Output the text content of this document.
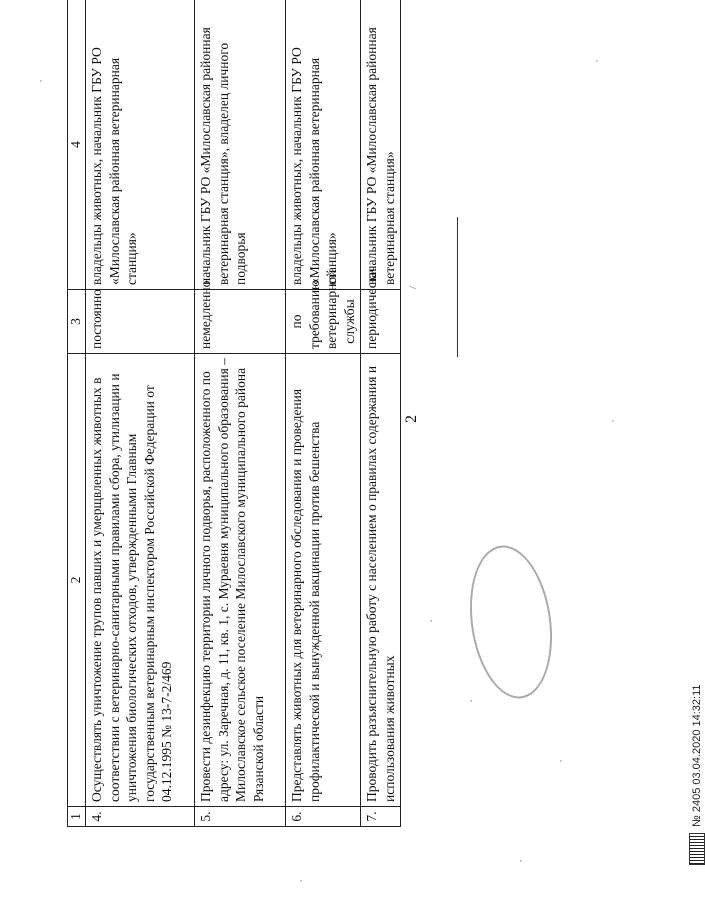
1	2	3	4
4.	Осуществлять уничтожение трупов павших и умерщвленных животных в соответствии с ветеринарно-санитарными правилами сбора, утилизации и уничтожения биологических отходов, утвержденными Главным государственным ветеринарным инспектором Российской Федерации от 04.12.1995 № 13-7-2/469	постоянно	владельцы животных, начальник ГБУ РО «Милославская районная ветеринарная станция»
5.	Провести дезинфекцию территории личного подворья, расположенного по адресу: ул. Заречная, д. 11, кв. 1, с. Мураевня муниципального образования – Милославское сельское поселение Милославского муниципального района Рязанской области	немедленно	начальник ГБУ РО «Милославская районная ветеринарная станция», владелец личного подворья
6.	Представлять животных для ветеринарного обследования и проведения профилактической и вынужденной вакцинации против бешенства	по требованию ветеринарной службы	владельцы животных, начальник ГБУ РО «Милославская районная ветеринарная станция»
7.	Проводить разъяснительную работу с населением о правилах содержания и использования животных	периодически	начальник ГБУ РО «Милославская районная ветеринарная станция»
2
/
№ 2405 03.04.2020 14:32:11
